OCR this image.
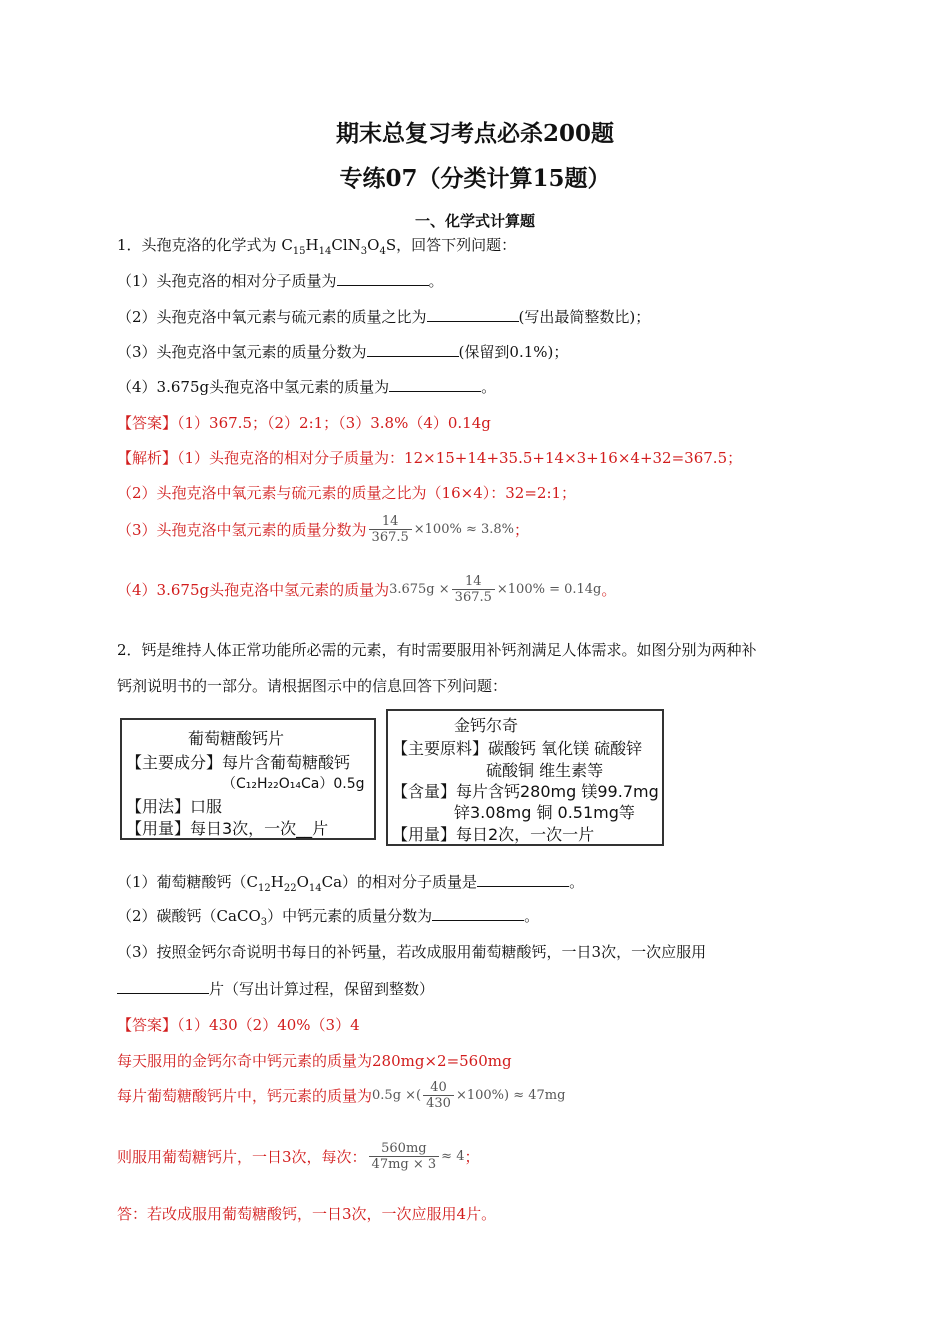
期末总复习考点必杀200题
专练07（分类计算15题）
一、化学式计算题
1．头孢克洛的化学式为 $C_{15}H_{14}ClN_3O_4S$，回答下列问题：
（1）头孢克洛的相对分子质量为	。
（2）头孢克洛中氧元素与硫元素的质量之比为	(写出最简整数比)；
（3）头孢克洛中氢元素的质量分数为	(保留到0.1%)；
（4）3.675g头孢克洛中氢元素的质量为	。
【答案】（1）367.5；（2）2:1；（3）3.8%（4）0.14g
【解析】（1）头孢克洛的相对分子质量为：12×15+14+35.5+14×3+16×4+32=367.5；
（2）头孢克洛中氧元素与硫元素的质量之比为（16×4）：32=2:1；
（3）头孢克洛中氢元素的质量分数为 $\frac{14}{367.5} \times 100\% \approx 3.8\%$；
（4）3.675g头孢克洛中氢元素的质量为$3.675g \times \frac{14}{367.5} \times 100\% = 0.14g$。
2．钙是维持人体正常功能所必需的元素，有时需要服用补钙剂满足人体需求。如图分别为两种补
钙剂说明书的一部分。请根据图示中的信息回答下列问题：
葡萄糖酸钙片
【主要成分】每片含葡萄糖酸钙
（C₁₂H₂₂O₁₄Ca）0.5g
【用法】口服
【用量】每日3次，一次__片
金钙尔奇
【主要原料】碳酸钙 氧化镁 硫酸锌
硫酸铜 维生素等
【含量】每片含钙280mg 镁99.7mg
锌3.08mg 铜 0.51mg等
【用量】每日2次，一次一片
（1）葡萄糖酸钙$(C_{12}H_{22}O_{14}Ca)$的相对分子质量是	。
（2）碳酸钙（CaCO$_3$）中钙元素的质量分数为	。
（3）按照金钙尔奇说明书每日的补钙量，若改成服用葡萄糖酸钙，一日3次，一次应服用
片（写出计算过程，保留到整数）
【答案】（1）430（2）40%（3）4
每天服用的金钙尔奇中钙元素的质量为280mg×2=560mg
每片葡萄糖酸钙片中，钙元素的质量为0.5g ×( $\frac{40}{430} \times 100\%) \approx 47mg$
则服用葡萄糖钙片，一日3次，每次： $\frac{560mg}{47mg \times 3} \approx 4$；
答：若改成服用葡萄糖酸钙，一日3次，一次应服用4片。
